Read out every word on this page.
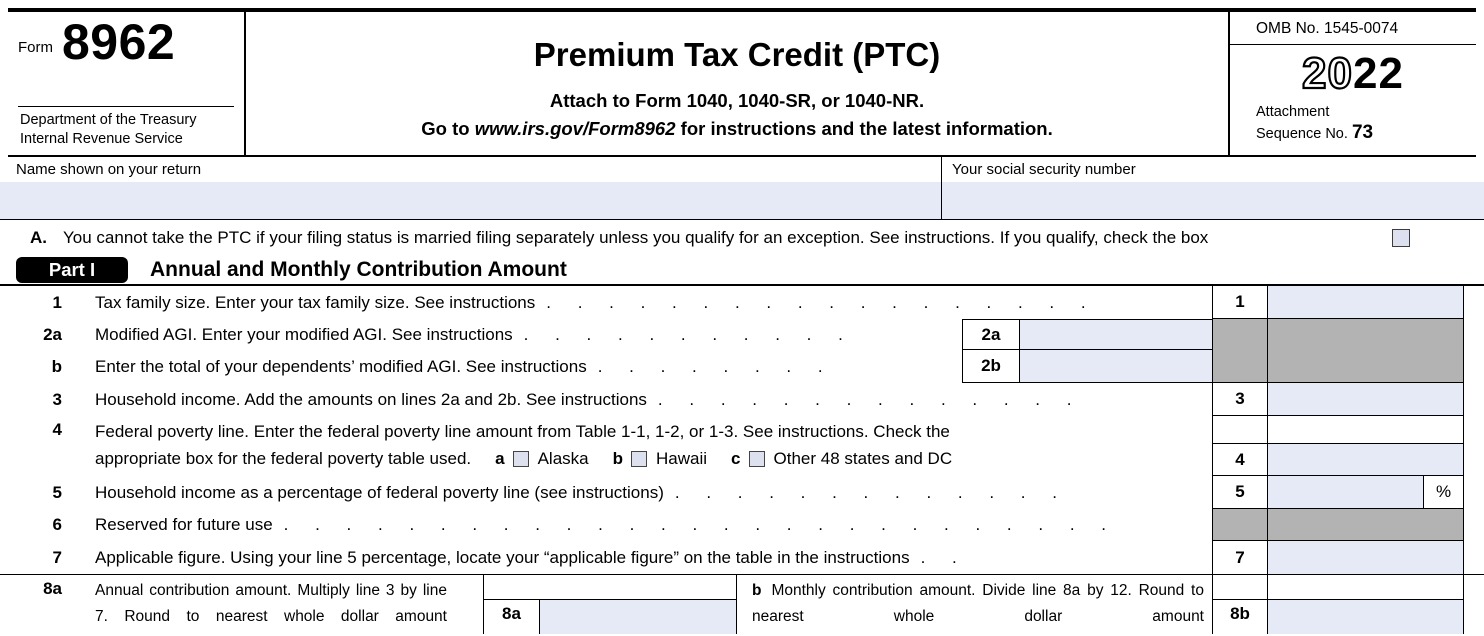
Form 8962
Department of the Treasury
Internal Revenue Service
Premium Tax Credit (PTC)
Attach to Form 1040, 1040-SR, or 1040-NR.
Go to www.irs.gov/Form8962 for instructions and the latest information.
OMB No. 1545-0074
20 22
Attachment
Sequence No. 73
Name shown on your return	Your social security number
A. You cannot take the PTC if your filing status is married filing separately unless you qualify for an exception. See instructions. If you qualify, check the box
Part I	Annual and Monthly Contribution Amount
1 Tax family size. Enter your tax family size. See instructions . . . . . . . . . . . . . . . . . .	1
2a Modified AGI. Enter your modified AGI. See instructions . . . . . . . . . . .	2a
b Enter the total of your dependents’ modified AGI. See instructions . . . . . . . .	2b
3 Household income. Add the amounts on lines 2a and 2b. See instructions . . . . . . . . . . . . . .	3
4 Federal poverty line. Enter the federal poverty line amount from Table 1-1, 1-2, or 1-3. See instructions. Check the
appropriate box for the federal poverty table used. a Alaska b Hawaii c Other 48 states and DC	4
5 Household income as a percentage of federal poverty line (see instructions) . . . . . . . . . . . . .	5	%
6 Reserved for future use . . . . . . . . . . . . . . . . . . . . . . . . . . .
7 Applicable figure. Using your line 5 percentage, locate your “applicable figure” on the table in the instructions . .	7
8a	Annual contribution amount. Multiply line 3 by line 7. Round to nearest whole dollar amount	8a
b Monthly contribution amount. Divide line 8a by 12. Round to nearest whole dollar amount	8b
